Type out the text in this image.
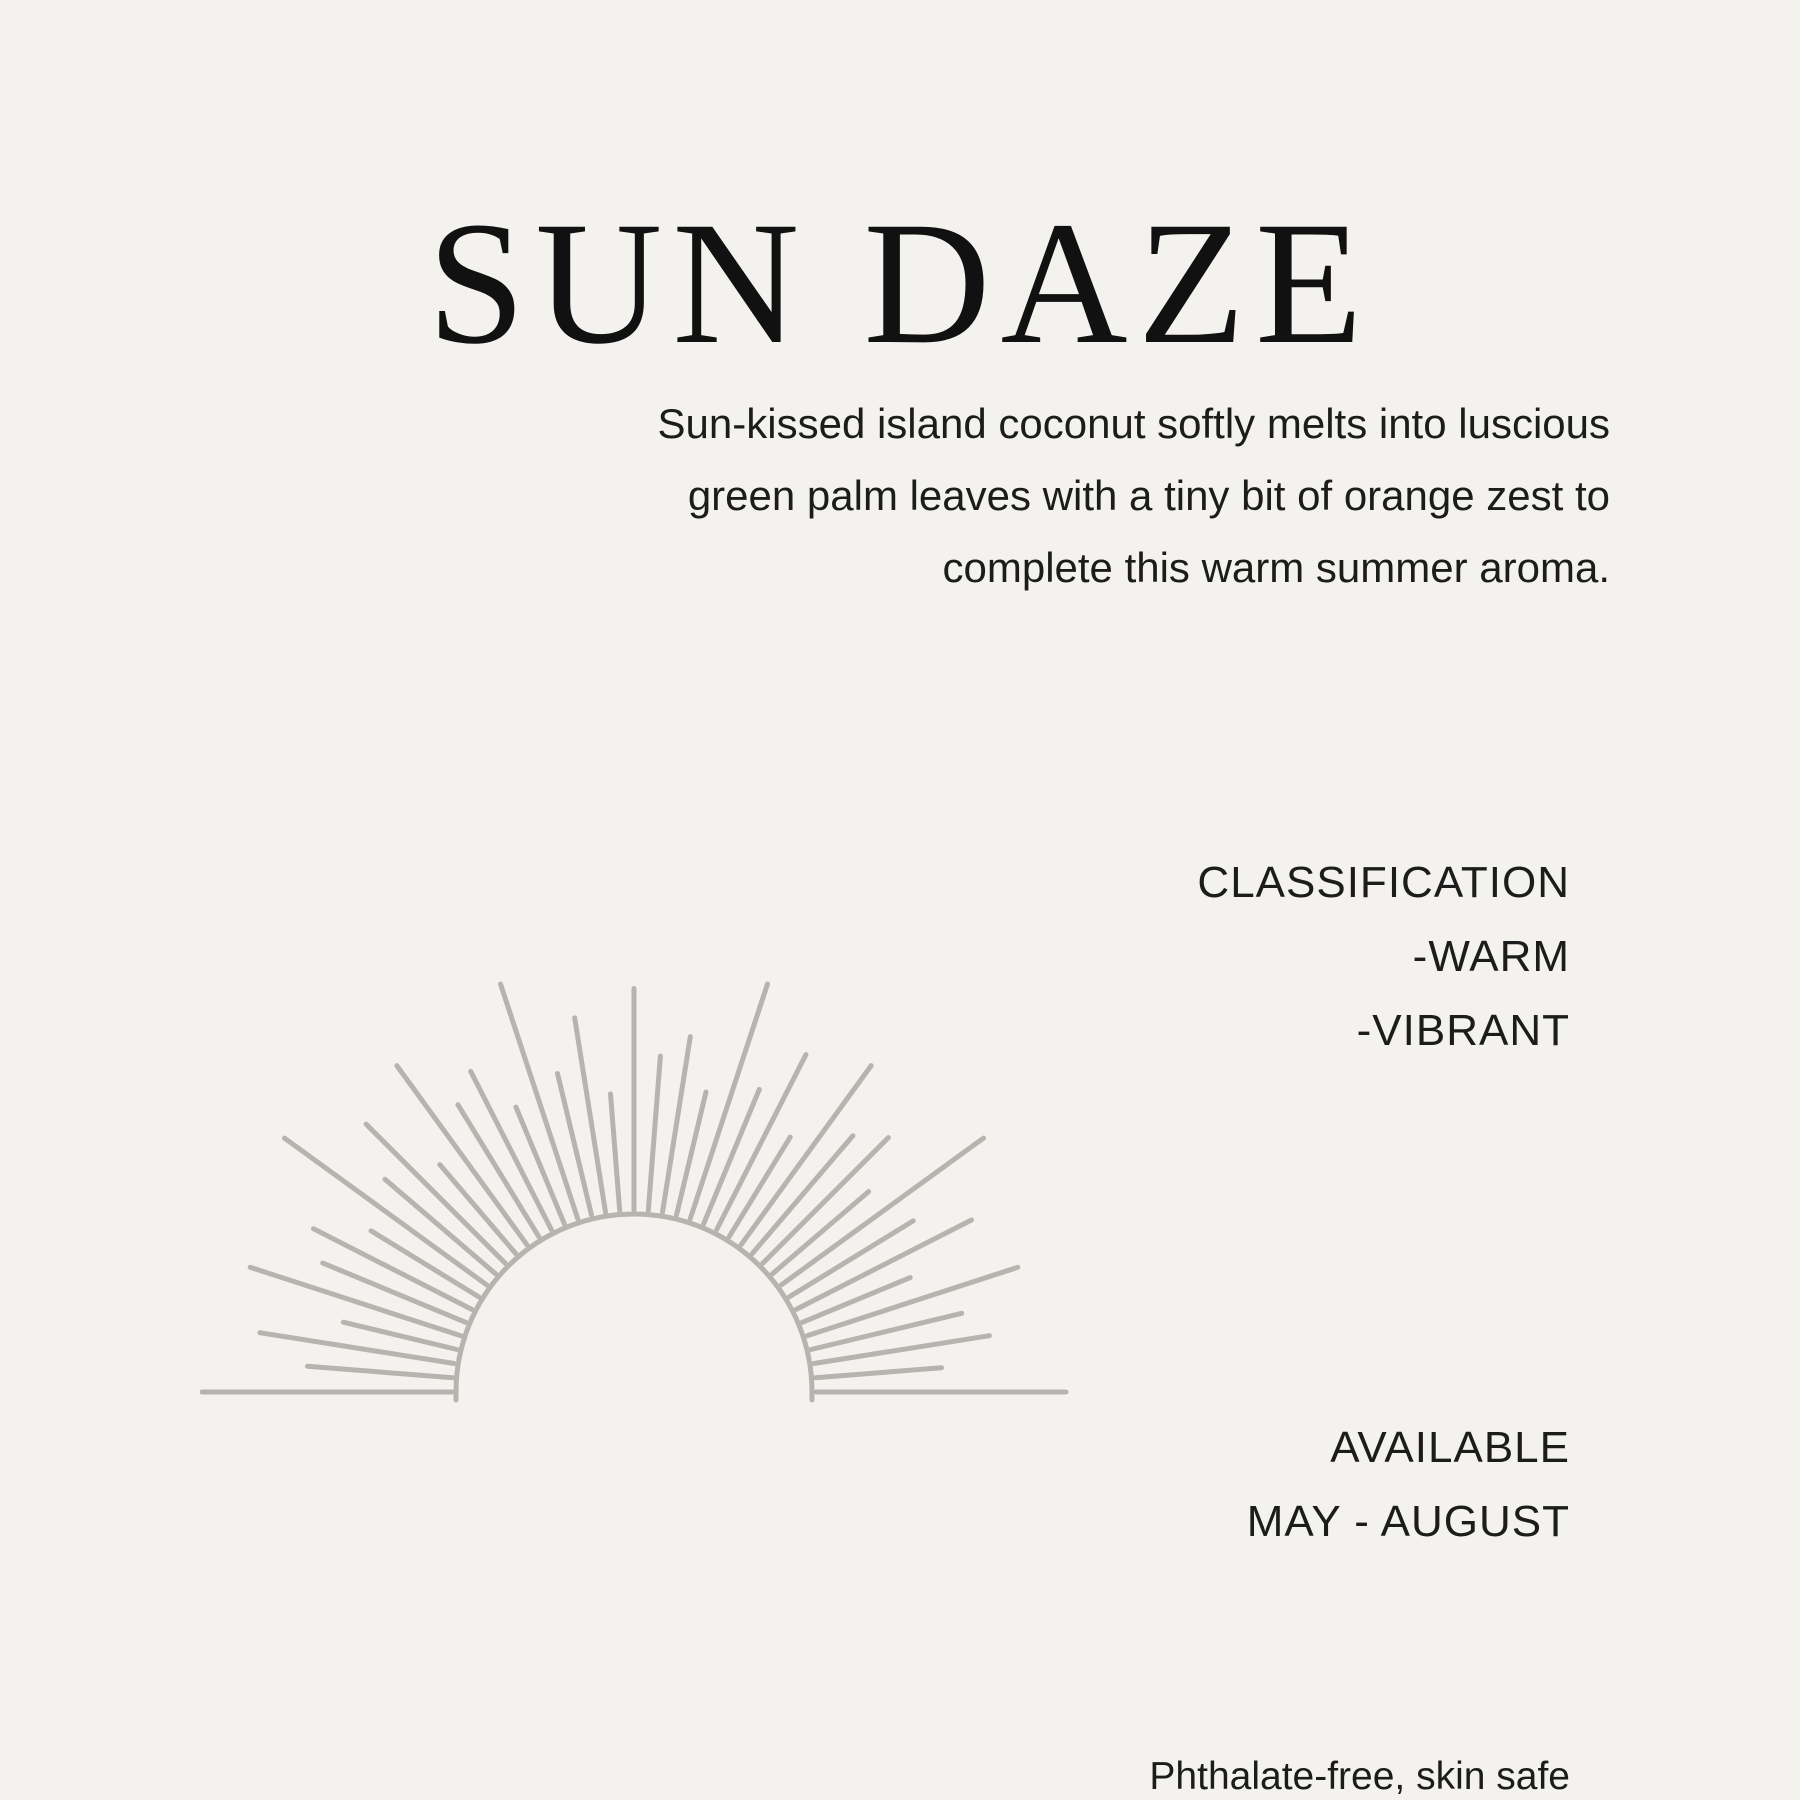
SUN DAZE

Sun-kissed island coconut softly melts into luscious
green palm leaves with a tiny bit of orange zest to
complete this warm summer aroma.

CLASSIFICATION
-WARM
-VIBRANT
AVAILABLE
MAY - AUGUST
Phthalate-free, skin safe
